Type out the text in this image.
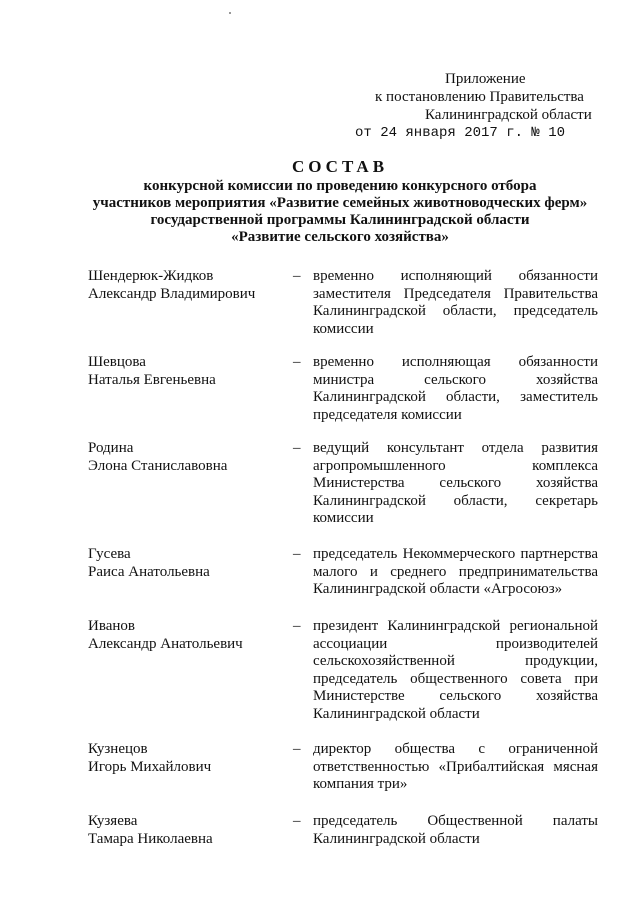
Приложение
к постановлению Правительства
Калининградской области
от 24 января 2017 г. № 10
СОСТАВ
конкурсной комиссии по проведению конкурсного отбора
участников мероприятия «Развитие семейных животноводческих ферм»
государственной программы Калининградской области
«Развитие сельского хозяйства»
Шендерюк-Жидков
Александр Владимирович
– временно исполняющий обязанности
заместителя Председателя Правительства
Калининградской области, председатель
комиссии
Шевцова
Наталья Евгеньевна
– временно исполняющая обязанности
министра сельского хозяйства
Калининградской области, заместитель
председателя комиссии
Родина
Элона Станиславовна
– ведущий консультант отдела развития
агропромышленного комплекса
Министерства сельского хозяйства
Калининградской области, секретарь
комиссии
Гусева
Раиса Анатольевна
– председатель Некоммерческого партнерства
малого и среднего предпринимательства
Калининградской области «Агросоюз»
Иванов
Александр Анатольевич
– президент Калининградской региональной
ассоциации производителей
сельскохозяйственной продукции,
председатель общественного совета при
Министерстве сельского хозяйства
Калининградской области
Кузнецов
Игорь Михайлович
– директор общества с ограниченной
ответственностью «Прибалтийская мясная
компания три»
Кузяева
Тамара Николаевна
– председатель Общественной палаты
Калининградской области
